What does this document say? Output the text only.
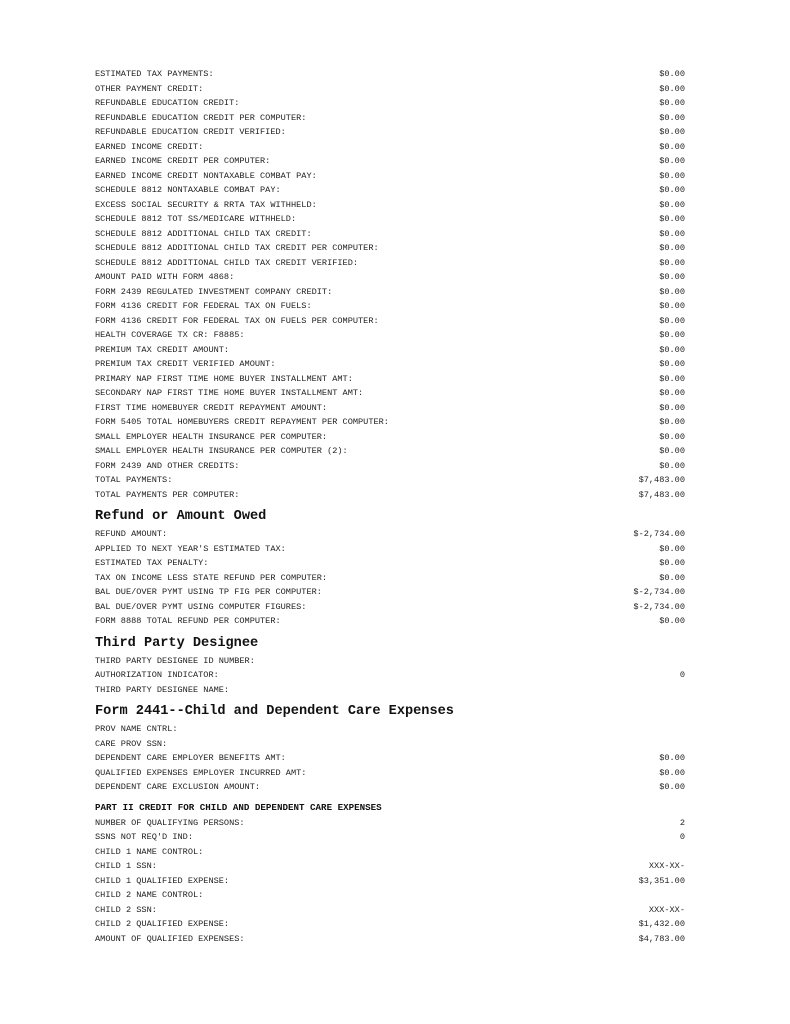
ESTIMATED TAX PAYMENTS:	$0.00
OTHER PAYMENT CREDIT:	$0.00
REFUNDABLE EDUCATION CREDIT:	$0.00
REFUNDABLE EDUCATION CREDIT PER COMPUTER:	$0.00
REFUNDABLE EDUCATION CREDIT VERIFIED:	$0.00
EARNED INCOME CREDIT:	$0.00
EARNED INCOME CREDIT PER COMPUTER:	$0.00
EARNED INCOME CREDIT NONTAXABLE COMBAT PAY:	$0.00
SCHEDULE 8812 NONTAXABLE COMBAT PAY:	$0.00
EXCESS SOCIAL SECURITY & RRTA TAX WITHHELD:	$0.00
SCHEDULE 8812 TOT SS/MEDICARE WITHHELD:	$0.00
SCHEDULE 8812 ADDITIONAL CHILD TAX CREDIT:	$0.00
SCHEDULE 8812 ADDITIONAL CHILD TAX CREDIT PER COMPUTER:	$0.00
SCHEDULE 8812 ADDITIONAL CHILD TAX CREDIT VERIFIED:	$0.00
AMOUNT PAID WITH FORM 4868:	$0.00
FORM 2439 REGULATED INVESTMENT COMPANY CREDIT:	$0.00
FORM 4136 CREDIT FOR FEDERAL TAX ON FUELS:	$0.00
FORM 4136 CREDIT FOR FEDERAL TAX ON FUELS PER COMPUTER:	$0.00
HEALTH COVERAGE TX CR: F8885:	$0.00
PREMIUM TAX CREDIT AMOUNT:	$0.00
PREMIUM TAX CREDIT VERIFIED AMOUNT:	$0.00
PRIMARY NAP FIRST TIME HOME BUYER INSTALLMENT AMT:	$0.00
SECONDARY NAP FIRST TIME HOME BUYER INSTALLMENT AMT:	$0.00
FIRST TIME HOMEBUYER CREDIT REPAYMENT AMOUNT:	$0.00
FORM 5405 TOTAL HOMEBUYERS CREDIT REPAYMENT PER COMPUTER:	$0.00
SMALL EMPLOYER HEALTH INSURANCE PER COMPUTER:	$0.00
SMALL EMPLOYER HEALTH INSURANCE PER COMPUTER (2):	$0.00
FORM 2439 AND OTHER CREDITS:	$0.00
TOTAL PAYMENTS:	$7,483.00
TOTAL PAYMENTS PER COMPUTER:	$7,483.00
Refund or Amount Owed
REFUND AMOUNT:	$-2,734.00
APPLIED TO NEXT YEAR'S ESTIMATED TAX:	$0.00
ESTIMATED TAX PENALTY:	$0.00
TAX ON INCOME LESS STATE REFUND PER COMPUTER:	$0.00
BAL DUE/OVER PYMT USING TP FIG PER COMPUTER:	$-2,734.00
BAL DUE/OVER PYMT USING COMPUTER FIGURES:	$-2,734.00
FORM 8888 TOTAL REFUND PER COMPUTER:	$0.00
Third Party Designee
THIRD PARTY DESIGNEE ID NUMBER:
AUTHORIZATION INDICATOR:	0
THIRD PARTY DESIGNEE NAME:
Form 2441--Child and Dependent Care Expenses
PROV NAME CNTRL:
CARE PROV SSN:
DEPENDENT CARE EMPLOYER BENEFITS AMT:	$0.00
QUALIFIED EXPENSES EMPLOYER INCURRED AMT:	$0.00
DEPENDENT CARE EXCLUSION AMOUNT:	$0.00
PART II CREDIT FOR CHILD AND DEPENDENT CARE EXPENSES
NUMBER OF QUALIFYING PERSONS:	2
SSNS NOT REQ'D IND:	0
CHILD 1 NAME CONTROL:
CHILD 1 SSN:	XXX-XX-
CHILD 1 QUALIFIED EXPENSE:	$3,351.00
CHILD 2 NAME CONTROL:
CHILD 2 SSN:	XXX-XX-
CHILD 2 QUALIFIED EXPENSE:	$1,432.00
AMOUNT OF QUALIFIED EXPENSES:	$4,783.00
